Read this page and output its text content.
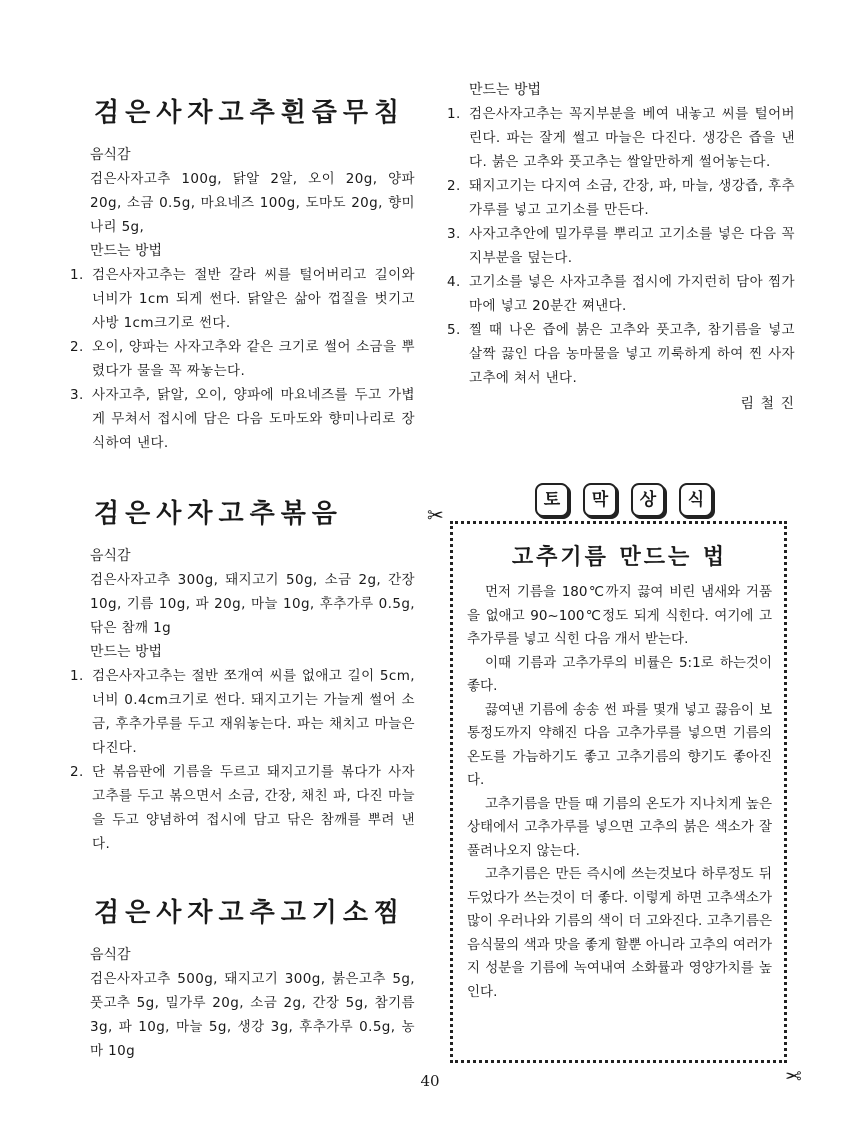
검은사자고추흰즙무침
음식감
검은사자고추 100g, 닭알 2알, 오이 20g, 양파 20g, 소금 0.5g, 마요네즈 100g, 도마도 20g, 향미나리 5g,
만드는 방법
1. 검은사자고추는 절반 갈라 씨를 털어버리고 길이와 너비가 1cm 되게 썬다. 닭알은 삶아 껍질을 벗기고 사방 1cm크기로 썬다.
2. 오이, 양파는 사자고추와 같은 크기로 썰어 소금을 뿌렸다가 물을 꼭 짜놓는다.
3. 사자고추, 닭알, 오이, 양파에 마요네즈를 두고 가볍게 무쳐서 접시에 담은 다음 도마도와 향미나리로 장식하여 낸다.
검은사자고추볶음
음식감
검은사자고추 300g, 돼지고기 50g, 소금 2g, 간장 10g, 기름 10g, 파 20g, 마늘 10g, 후추가루 0.5g, 닦은 참깨 1g
만드는 방법
1. 검은사자고추는 절반 쪼개여 씨를 없애고 길이 5cm, 너비 0.4cm크기로 썬다. 돼지고기는 가늘게 썰어 소금, 후추가루를 두고 재워놓는다. 파는 채치고 마늘은 다진다.
2. 단 볶음판에 기름을 두르고 돼지고기를 볶다가 사자고추를 두고 볶으면서 소금, 간장, 채친 파, 다진 마늘을 두고 양념하여 접시에 담고 닦은 참깨를 뿌려 낸다.
검은사자고추고기소찜
음식감
검은사자고추 500g, 돼지고기 300g, 붉은고추 5g, 풋고추 5g, 밀가루 20g, 소금 2g, 간장 5g, 참기름 3g, 파 10g, 마늘 5g, 생강 3g, 후추가루 0.5g, 농마 10g
만드는 방법
1. 검은사자고추는 꼭지부분을 베여 내놓고 씨를 털어버린다. 파는 잘게 썰고 마늘은 다진다. 생강은 즙을 낸다. 붉은 고추와 풋고추는 쌀알만하게 썰어놓는다.
2. 돼지고기는 다지여 소금, 간장, 파, 마늘, 생강즙, 후추가루를 넣고 고기소를 만든다.
3. 사자고추안에 밀가루를 뿌리고 고기소를 넣은 다음 꼭지부분을 덮는다.
4. 고기소를 넣은 사자고추를 접시에 가지런히 담아 찜가마에 넣고 20분간 쪄낸다.
5. 찔 때 나온 즙에 붉은 고추와 풋고추, 참기름을 넣고 살짝 끓인 다음 농마물을 넣고 끼룩하게 하여 찐 사자고추에 쳐서 낸다.
림 철 진
토	막	상	식
✂
✂
고추기름 만드는 법

먼저 기름을 180℃까지 끓여 비린 냄새와 거품을 없애고 90~100℃정도 되게 식힌다. 여기에 고추가루를 넣고 식힌 다음 개서 받는다.

이때 기름과 고추가루의 비률은 5:1로 하는것이 좋다.

끓여낸 기름에 송송 썬 파를 몇개 넣고 끓음이 보통정도까지 약해진 다음 고추가루를 넣으면 기름의 온도를 가늠하기도 좋고 고추기름의 향기도 좋아진다.

고추기름을 만들 때 기름의 온도가 지나치게 높은 상태에서 고추가루를 넣으면 고추의 붉은 색소가 잘 풀려나오지 않는다.

고추기름은 만든 즉시에 쓰는것보다 하루정도 뒤두었다가 쓰는것이 더 좋다. 이렇게 하면 고추색소가 많이 우러나와 기름의 색이 더 고와진다. 고추기름은 음식물의 색과 맛을 좋게 할뿐 아니라 고추의 여러가지 성분을 기름에 녹여내여 소화률과 영양가치를 높인다.

40
